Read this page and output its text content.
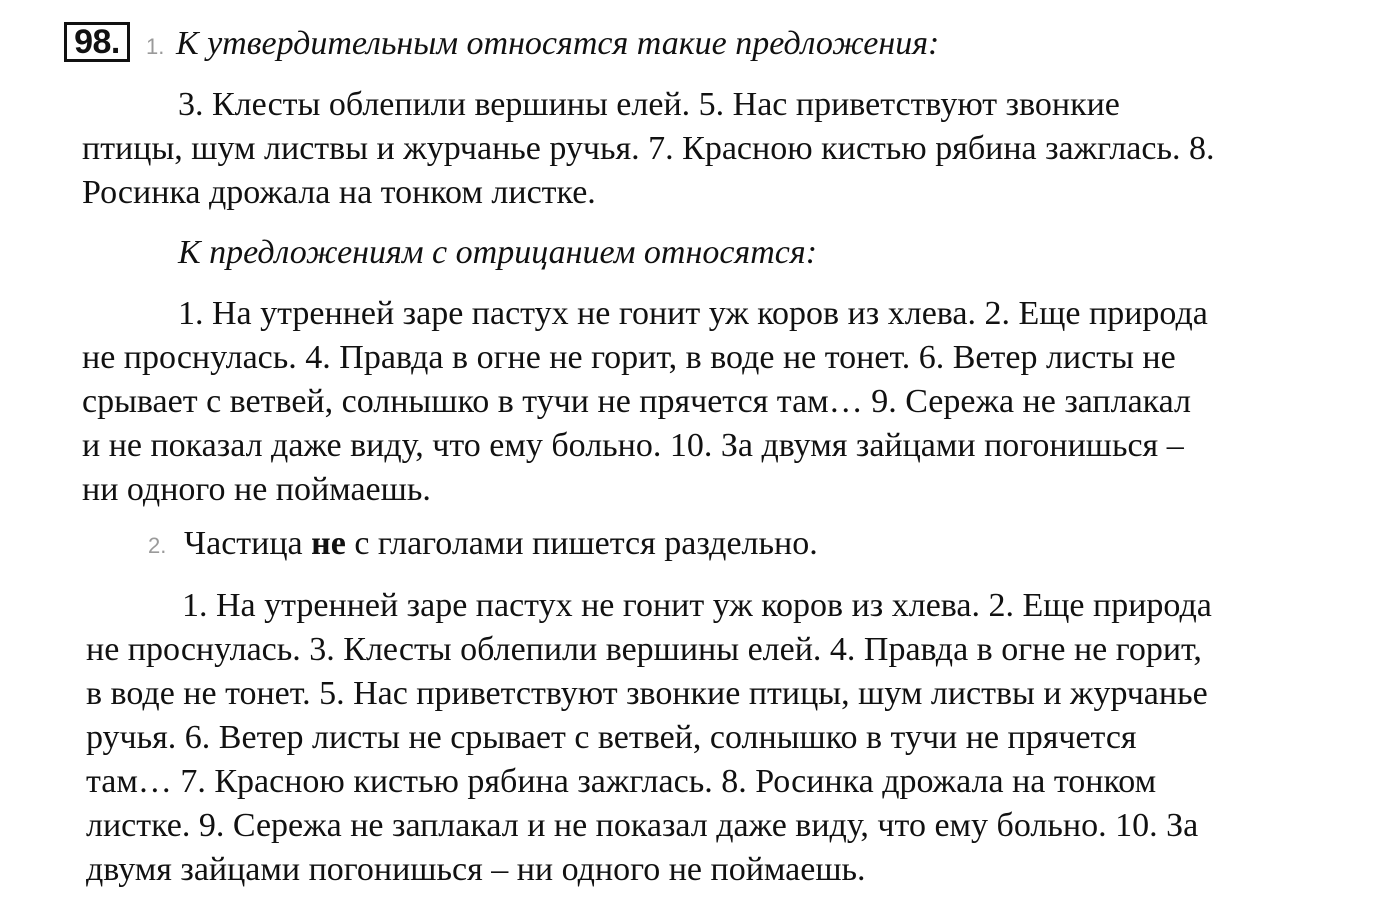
98.	1. К утвердительным относятся такие предложения:
3. Клесты облепили вершины елей. 5. Нас приветствуют звонкие
птицы, шум листвы и журчанье ручья. 7. Красною кистью рябина зажглась. 8.
Росинка дрожала на тонком листке.
К предложениям с отрицанием относятся:
1. На утренней заре пастух не гонит уж коров из хлева. 2. Еще природа
не проснулась. 4. Правда в огне не горит, в воде не тонет. 6. Ветер листы не
срывает с ветвей, солнышко в тучи не прячется там… 9. Сережа не заплакал
и не показал даже виду, что ему больно. 10. За двумя зайцами погонишься –
ни одного не поймаешь.
2. Частица не с глаголами пишется раздельно.
1. На утренней заре пастух не гонит уж коров из хлева. 2. Еще природа
не проснулась. 3. Клесты облепили вершины елей. 4. Правда в огне не горит,
в воде не тонет. 5. Нас приветствуют звонкие птицы, шум листвы и журчанье
ручья. 6. Ветер листы не срывает с ветвей, солнышко в тучи не прячется
там… 7. Красною кистью рябина зажглась. 8. Росинка дрожала на тонком
листке. 9. Сережа не заплакал и не показал даже виду, что ему больно. 10. За
двумя зайцами погонишься – ни одного не поймаешь.
